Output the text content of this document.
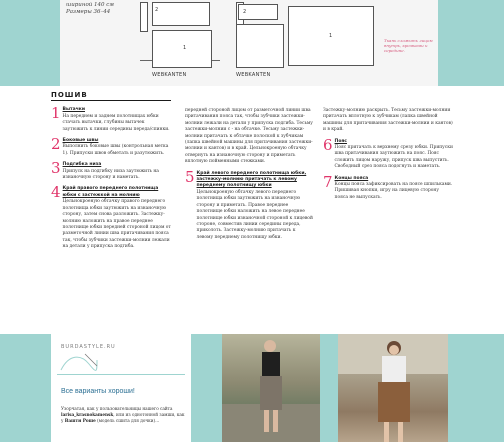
шириной 140 см
Размеры 36–44	2
1
WEBKANTEN
2
1
WEBKANTEN
Ткань сложить лицом внутрь, кромками к середине.
ПОШИВ
1 Вытачки

На переднем и заднем полотнищах юбки стачать вытачки, глубины вытачек заутюжить к линии середины переда/спинки.

2 Боковые швы

Выполнить боковые швы (контрольная метка 1). Припуски швов обметать и разутюжить.

3 Подгибка низа

Припуск на подгибку низа заутюжить на изнаночную сторону и наметать.

4 Край правого переднего полотнища юбки с застежкой на молнию

Цельнокроеную обтачку правого переднего полотнища юбки заутюжить на изнаночную сторону, затем снова разложить. Застежку-молнию наложить на правое переднее полотнище юбки передней стороной лицом от разметочной линии шва притачивания пояса так, чтобы зубчики застежки-молнии лежали на детали у припуска подгиба.

передней стороной лицом от разметочной линии шва притачивания пояса так, чтобы зубчики застежки-молнии лежали на детали у припуска подгиба. Тесьму застежки-молнии с - на обтачке. Тесьму застежки-молнии притачать к обтачке полоской к зубчикам (лапка швейной машины для притачивания застежки-молнии и кантов) и в край. Цельнокроеную обтачку отвернуть на изнаночную сторону и приметать вплотную пойменными стежками.

5 Край левого переднего полотнища юбки, застежку-молнию притачать к левому переднему полотнищу юбки

Цельнокроеную обтачку левого переднего полотнища юбки заутюжить на изнаночную сторону и приметать. Правое переднее полотнище юбки наложить на левое переднее полотнище юбки изнаночной стороной к лицевой стороне, совместив линии середины переда, приколоть. Застежку-молнию притачать к левому переднему полотнищу юбки.

Застежку-молнию раскрыть. Тесьму застежки-молнии притачать вплотную к зубчикам (лапка швейной машины для притачивания застежки-молнии и кантов) и в край.

6 Пояс

Пояс притачать к верхнему срезу юбки. Припуски шва притачивания заутюжить на пояс. Пояс сложить лицом наружу, припуск шва выпустить. Свободный срез пояса подогнуть и наметать.

7 Концы пояса

Концы пояса зафиксировать на поясе шпильками. Пришивая кнопки, игру на лицевую сторону пояса не выпускать.

BURDASTYLE.RU
Все варианты хороши!
Узорчатая, как у пользовательницы нашего сайта larisa_krasnokamensk, или из однотонной замши, как у Вашти Роше (модель сшита для дочки)...
